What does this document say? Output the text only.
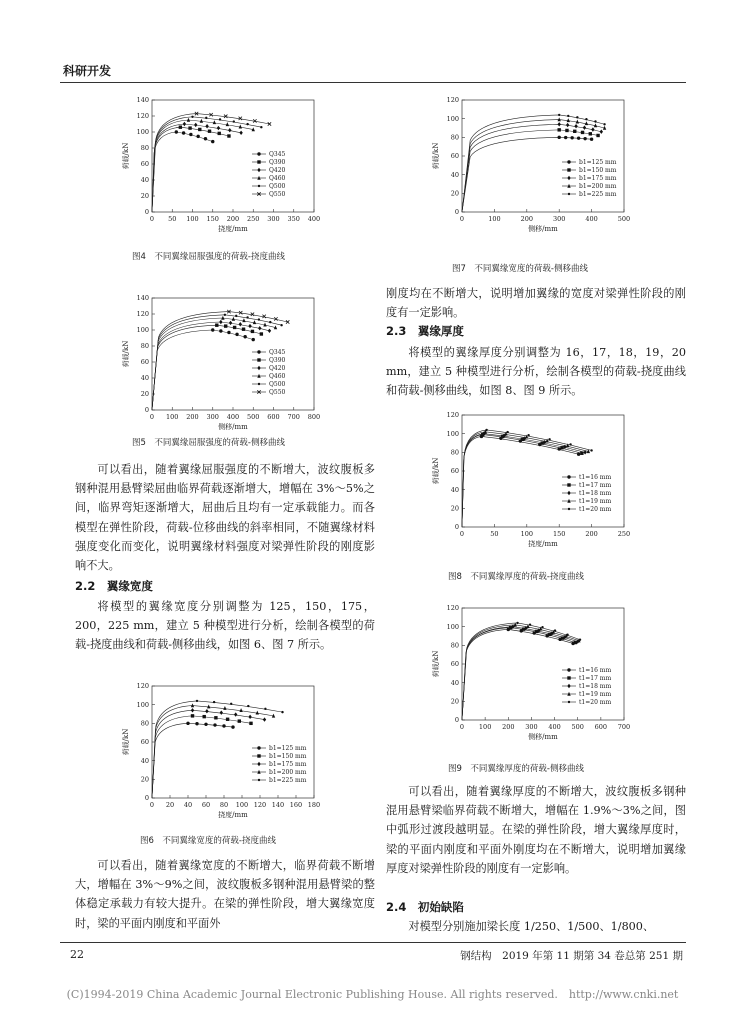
科研开发
0 50 100 150 200 250 300 350 400
0
20
40
60
80
100
120
140
挠度/mm
荷载/kN	Q345
Q390
Q420
Q460
Q500
Q550
图4　不同翼缘屈服强度的荷载-挠度曲线
0 100 200 300 400 500 600 700 800
0
20
40
60
80
100
120
140
侧移/mm
荷载/kN	Q345
Q390
Q420
Q460
Q500
Q550
图5　不同翼缘屈服强度的荷载-侧移曲线
0 20 40 60 80 100 120 140 160 180
0
20
40
60
80
100
120
挠度/mm
荷载/kN	b1=125 mm
b1=150 mm
b1=175 mm
b1=200 mm
b1=225 mm
图6　不同翼缘宽度的荷载-挠度曲线
0	100	200	300	400	500
0
20
40
60
80
100
120
侧移/mm
荷载/kN	b1=125 mm
b1=150 mm
b1=175 mm
b1=200 mm
b1=225 mm
图7　不同翼缘宽度的荷载-侧移曲线
0	50	100	150	200	250
0
20
40
60
80
100
120
挠度/mm
荷载/kN	t1=16 mm
t1=17 mm
t1=18 mm
t1=19 mm
t1=20 mm
图8　不同翼缘厚度的荷载-挠度曲线
0 100 200 300 400 500 600 700
0
20
40
60
80
100
120
侧移/mm
荷载/kN	t1=16 mm
t1=17 mm
t1=18 mm
t1=19 mm
t1=20 mm
图9　不同翼缘厚度的荷载-侧移曲线

可以看出，随着翼缘屈服强度的不断增大，波纹腹板多钢种混用悬臂梁屈曲临界荷载逐渐增大，增幅在 3%～5%之间，临界弯矩逐渐增大，屈曲后且均有一定承载能力。而各模型在弹性阶段，荷载-位移曲线的斜率相同，不随翼缘材料强度变化而变化，说明翼缘材料强度对梁弹性阶段的刚度影响不大。

2.2　翼缘宽度

将模型的翼缘宽度分别调整为 125，150，175，200，225 mm，建立 5 种模型进行分析，绘制各模型的荷载-挠度曲线和荷载-侧移曲线，如图 6、图 7 所示。

可以看出，随着翼缘宽度的不断增大，临界荷载不断增大，增幅在 3%～9%之间，波纹腹板多钢种混用悬臂梁的整体稳定承载力有较大提升。在梁的弹性阶段，增大翼缘宽度时，梁的平面内刚度和平面外

刚度均在不断增大，说明增加翼缘的宽度对梁弹性阶段的刚度有一定影响。

2.3　翼缘厚度

将模型的翼缘厚度分别调整为 16，17，18，19，20 mm，建立 5 种模型进行分析，绘制各模型的荷载-挠度曲线和荷载-侧移曲线，如图 8、图 9 所示。

可以看出，随着翼缘厚度的不断增大，波纹腹板多钢种混用悬臂梁临界荷载不断增大，增幅在 1.9%～3%之间，图中弧形过渡段越明显。在梁的弹性阶段，增大翼缘厚度时，梁的平面内刚度和平面外刚度均在不断增大，说明增加翼缘厚度对梁弹性阶段的刚度有一定影响。

2.4　初始缺陷

对模型分别施加梁长度 1/250、1/500、1/800、

22	钢结构　2019 年第 11 期第 34 卷总第 251 期
(C)1994-2019 China Academic Journal Electronic Publishing House. All rights reserved.　http://www.cnki.net
